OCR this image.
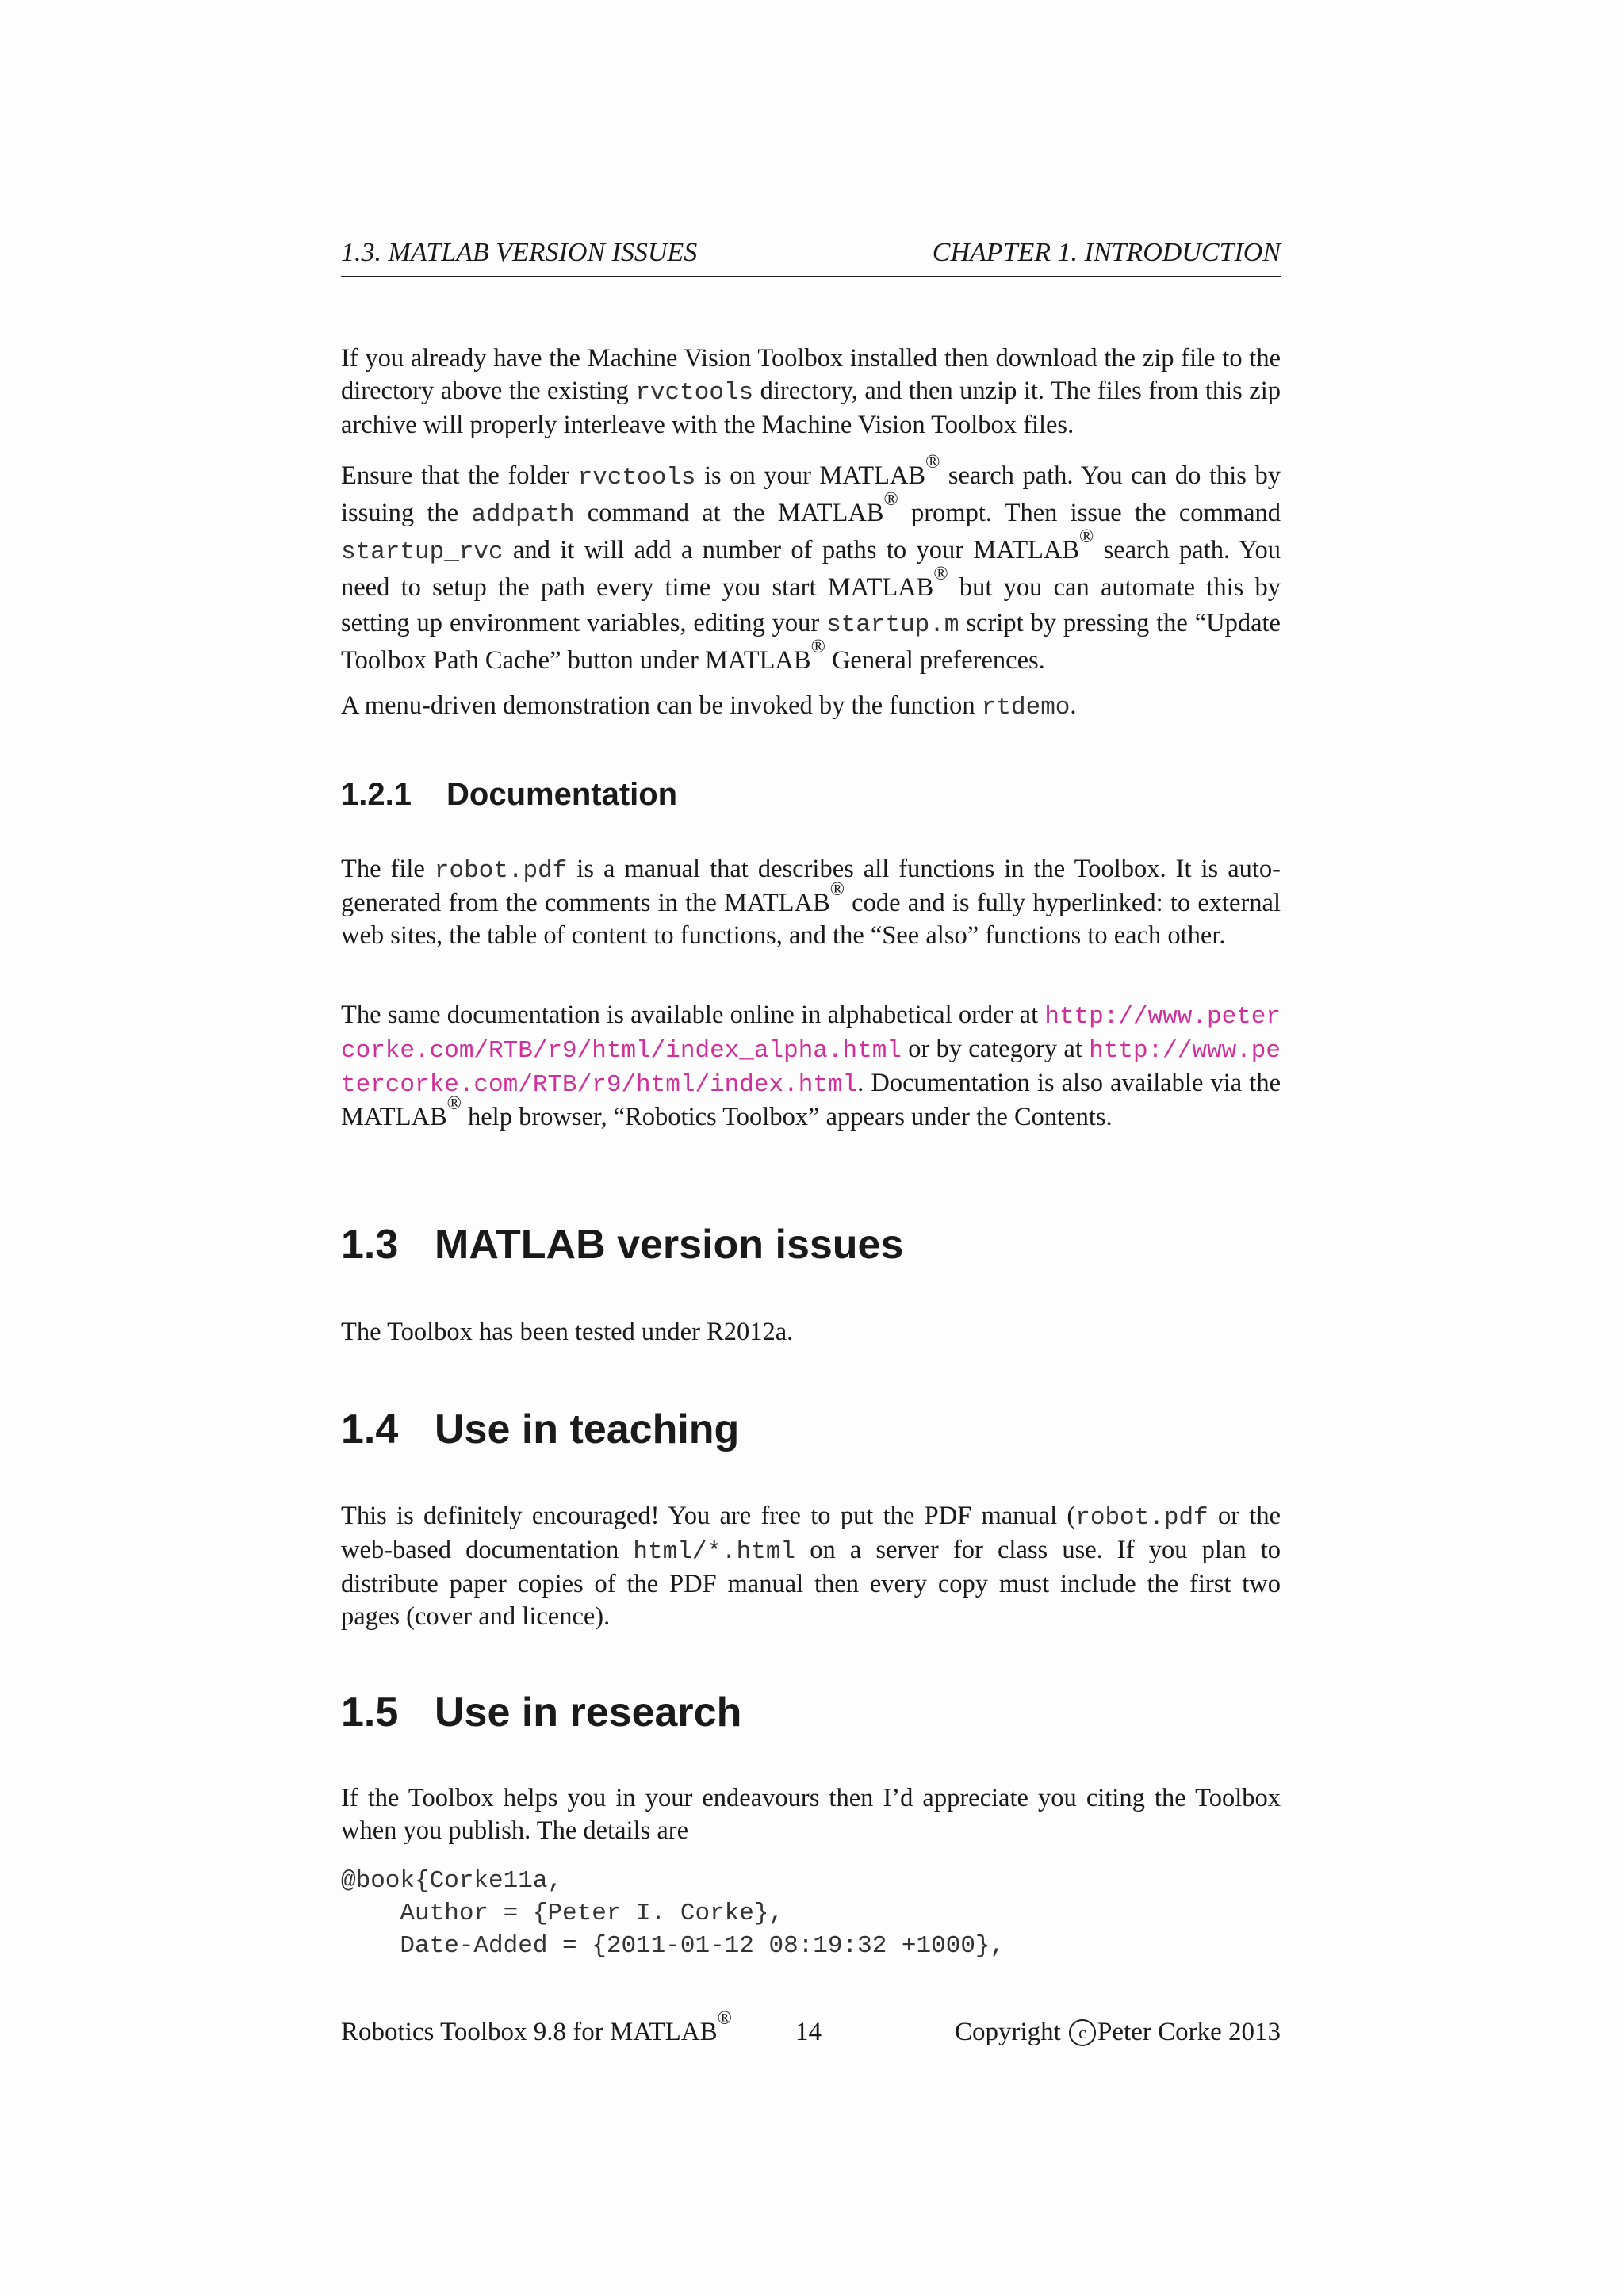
1.3. MATLAB VERSION ISSUES	CHAPTER 1. INTRODUCTION

If you already have the Machine Vision Toolbox installed then download the zip file to the directory above the existing rvctools directory, and then unzip it. The files from this zip archive will properly interleave with the Machine Vision Toolbox files.

Ensure that the folder rvctools is on your MATLAB® search path. You can do this by issuing the addpath command at the MATLAB® prompt. Then issue the command startup_rvc and it will add a number of paths to your MATLAB® search path. You need to setup the path every time you start MATLAB® but you can automate this by setting up environment variables, editing your startup.m script by pressing the “Update Toolbox Path Cache” button under MATLAB® General preferences.

A menu-driven demonstration can be invoked by the function rtdemo.

1.2.1 Documentation

The file robot.pdf is a manual that describes all functions in the Toolbox. It is auto-generated from the comments in the MATLAB® code and is fully hyperlinked: to external web sites, the table of content to functions, and the “See also” functions to each other.

The same documentation is available online in alphabetical order at http://www.petercorke.com/RTB/r9/html/index_alpha.html or by category at http://www.petercorke.com/RTB/r9/html/index.html. Documentation is also available via the MATLAB® help browser, “Robotics Toolbox” appears under the Contents.

1.3 MATLAB version issues

The Toolbox has been tested under R2012a.

1.4 Use in teaching

This is definitely encouraged! You are free to put the PDF manual (robot.pdf or the web-based documentation html/*.html on a server for class use. If you plan to distribute paper copies of the PDF manual then every copy must include the first two pages (cover and licence).

1.5 Use in research

If the Toolbox helps you in your endeavours then I’d appreciate you citing the Toolbox when you publish. The details are

@book{Corke11a,
Author = {Peter I. Corke},
Date-Added = {2011-01-12 08:19:32 +1000},
Robotics Toolbox 9.8 for MATLAB® 14	Copyright c Peter Corke 2013
